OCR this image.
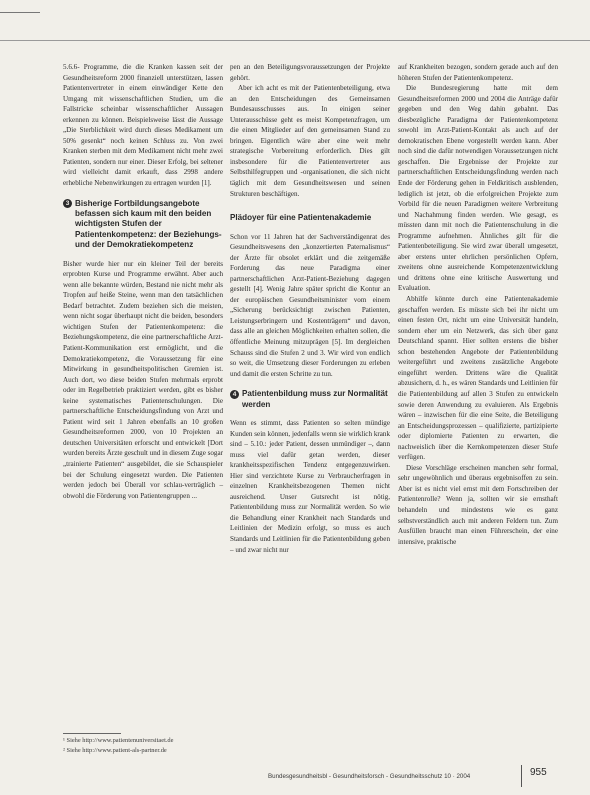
5.6.6- Programme, die die Kranken kassen seit der Gesundheitsreform 2000 finanziell unterstützen, lassen Patientenvertreter in einem einwändiger Kette den Umgang mit wissenschaftlichen Studien, um die Fallstricke scheinbar wissenschaftlicher Aussagen erkennen zu können. Beispielsweise lässt die Aussage „Die Sterblichkeit wird durch dieses Medikament um 50% gesenkt“ noch keinen Schluss zu. Von zwei Kranken sterben mit dem Medikament nicht mehr zwei Patienten, sondern nur einer. Dieser Erfolg, bei seltener wird vielleicht damit erkauft, dass 2998 andere erhebliche Nebenwirkungen zu ertragen wurden [1].

3 Bisherige Fortbildungsangebote befassen sich kaum mit den beiden wichtigsten Stufen der Patientenkompetenz: der Beziehungs- und der Demokratiekompetenz

Bisher wurde hier nur ein kleiner Teil der bereits erprobten Kurse und Programme erwähnt. Aber auch wenn alle bekannte würden, Bestand nie nicht mehr als Tropfen auf heiße Steine, wenn man den tatsächlichen Bedarf betrachtet. Zudem beziehen sich die meisten, wenn nicht sogar überhaupt nicht die beiden, besonders wichtigen Stufen der Patientenkompetenz: die Beziehungskompetenz, die eine partnerschaftliche Arzt-Patient-Kommunikation erst ermöglicht, und die Demokratiekompetenz, die Voraussetzung für eine Mitwirkung in gesundheitspolitischen Gremien ist. Auch dort, wo diese beiden Stufen mehrmals erprobt oder im Regelbetrieb praktiziert werden, gibt es bisher keine systematisches Patientenschulungen. Die partnerschaftliche Entscheidungsfindung von Arzt und Patient wird seit 1 Jahren ebenfalls an 10 großen Gesundheitsreformen 2000, von 10 Projekten an deutschen Universitäten erforscht und entwickelt [Dort wurden bereits Ärzte geschult und in diesem Zuge sogar „trainierte Patienten“ ausgebildet, die sie Schauspieler bei der Schulung eingesetzt wurden. Die Patienten werden jedoch bei Überall vor schlau-verträglich – obwohl die Förderung von Patientengruppen ...

pen an den Beteiligungsvoraussetzungen der Projekte gehört.

Aber ich acht es mit der Patientenbeteiligung, etwa an den Entscheidungen des Gemeinsamen Bundesausschusses aus. In einigen seiner Unterausschüsse geht es meist Kompetenzfragen, um die einen Mitglieder auf den gemeinsamen Stand zu bringen. Eigentlich wäre aber eine weit mehr strategische Vorbereitung erforderlich. Dies gilt insbesondere für die Patientenvertreter aus Selbsthilfegruppen und -organisationen, die sich nicht täglich mit dem Gesundheitswesen und seinen Strukturen beschäftigen.

Plädoyer für eine Patientenakademie

Schon vor 11 Jahren hat der Sachverständigenrat des Gesundheitswesens den „konzertierten Paternalismus“ der Ärzte für obsolet erklärt und die zeitgemäße Forderung das neue Paradigma einer partnerschaftlichen Arzt-Patient-Beziehung dagegen gestellt [4]. Wenig Jahre später spricht die Kontur an der europäischen Gesundheitsminister vom einem „Sicherung berücksichtigt zwischen Patienten, Leistungserbringern und Kostenträgern“ und davon, dass alle an gleichen Möglichkeiten erhalten sollen, die öffentliche Meinung mitzuprägen [5]. Im dergleichen Schauss sind die Stufen 2 und 3. Wir wird von endlich so weit, die Umsetzung dieser Forderungen zu erleben und damit die ersten Schritte zu tun.

4 Patientenbildung muss zur Normalität werden

Wenn es stimmt, dass Patienten so selten mündige Kunden sein können, jedenfalls wenn sie wirklich krank sind – 5.10.: jeder Patient, dessen unmündiger –, dann muss viel dafür getan werden, dieser krankheitsspezifischen Tendenz entgegenzuwirken. Hier sind verzichtete Kurse zu Verbraucherfragen in einzelnen Krankheitsbezogenen Themen nicht ausreichend. Unser Gutsrecht ist nötig, Patientenbildung muss zur Normalität werden. So wie die Behandlung einer Krankheit nach Standards und Leitlinien der Medizin erfolgt, so muss es auch Standards und Leitlinien für die Patientenbildung geben – und zwar nicht nur

auf Krankheiten bezogen, sondern gerade auch auf den höheren Stufen der Patientenkompetenz.

Die Bundesregierung hatte mit dem Gesundheitsreformen 2000 und 2004 die Anträge dafür gegeben und den Weg dahin gebahnt. Das diesbezügliche Paradigma der Patientenkompetenz sowohl im Arzt-Patient-Kontakt als auch auf der demokratischen Ebene vorgestellt werden kann. Aber noch sind die dafür notwendigen Voraussetzungen nicht geschaffen. Die Ergebnisse der Projekte zur partnerschaftlichen Entscheidungsfindung werden nach Ende der Förderung gehen in Feldkritisch ausblenden, lediglich ist jetzt, ob die erfolgreichen Projekte zum Vorbild für die neuen Paradigmen weitere Verbreitung und Nachahmung finden werden. Wie gesagt, es müssten dann mit noch die Patientenschulung in die Programme aufnehmen. Ähnliches gilt für die Patientenbeteiligung. Sie wird zwar überall umgesetzt, aber erstens unter ehrlichen persönlichen Opfern, zweitens ohne ausreichende Kompetenzentwicklung und drittens ohne eine kritische Auswertung und Evaluation.

Abhilfe könnte durch eine Patientenakademie geschaffen werden. Es müsste sich bei ihr nicht um einen festen Ort, nicht um eine Universität handeln, sondern eher um ein Netzwerk, das sich über ganz Deutschland spannt. Hier sollten erstens die bisher schon bestehenden Angebote der Patientenbildung weitergeführt und zweitens zusätzliche Angebote eingeführt werden. Drittens wäre die Qualität abzusichern, d. h., es wären Standards und Leitlinien für die Patientenbildung auf allen 3 Stufen zu entwickeln sowie deren Anwendung zu evaluieren. Als Ergebnis wären – inzwischen für die eine Seite, die Beteiligung an Entscheidungsprozessen – qualifizierte, partizipierte oder diplomierte Patienten zu erwarten, die nachweislich über die Kernkompetenzen dieser Stufe verfügen.

Diese Vorschläge erscheinen manchen sehr formal, sehr ungewöhnlich und überaus ergebnisoffen zu sein. Aber ist es nicht viel ernst mit dem Fortschreiben der Patientenrolle? Wenn ja, sollten wir sie ernsthaft behandeln und mindestens wie es ganz selbstverständlich auch mit anderen Feldern tun. Zum Ausfüllen braucht man einen Führerschein, der eine intensive, praktische

¹ Siehe http://www.patientenuniversitaet.de
² Siehe http://www.patient-als-partner.de
Bundesgesundheitsbl - Gesundheitsforsch - Gesundheitsschutz 10 · 2004	955
